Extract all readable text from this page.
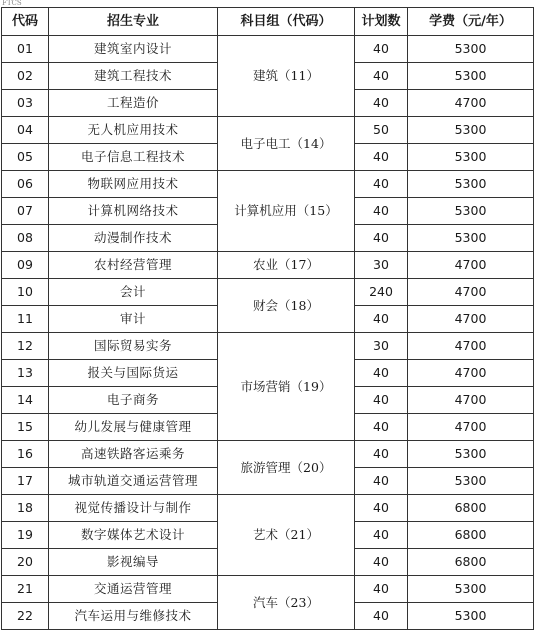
FTCS
代码	招生专业	科目组（代码）	计划数	学费（元/年）
01	建筑室内设计	建筑（11）	40	5300
02	建筑工程技术		40	5300
03	工程造价		40	4700
04	无人机应用技术	电子电工（14）	50	5300
05	电子信息工程技术		40	5300
06	物联网应用技术	计算机应用（15）	40	5300
07	计算机网络技术		40	5300
08	动漫制作技术		40	5300
09	农村经营管理	农业（17）	30	4700
10	会计	财会（18）	240	4700
11	审计		40	4700
12	国际贸易实务	市场营销（19）	30	4700
13	报关与国际货运		40	4700
14	电子商务		40	4700
15	幼儿发展与健康管理		40	4700
16	高速铁路客运乘务	旅游管理（20）	40	5300
17	城市轨道交通运营管理		40	5300
18	视觉传播设计与制作	艺术（21）	40	6800
19	数字媒体艺术设计		40	6800
20	影视编导		40	6800
21	交通运营管理	汽车（23）	40	5300
22	汽车运用与维修技术		40	5300
